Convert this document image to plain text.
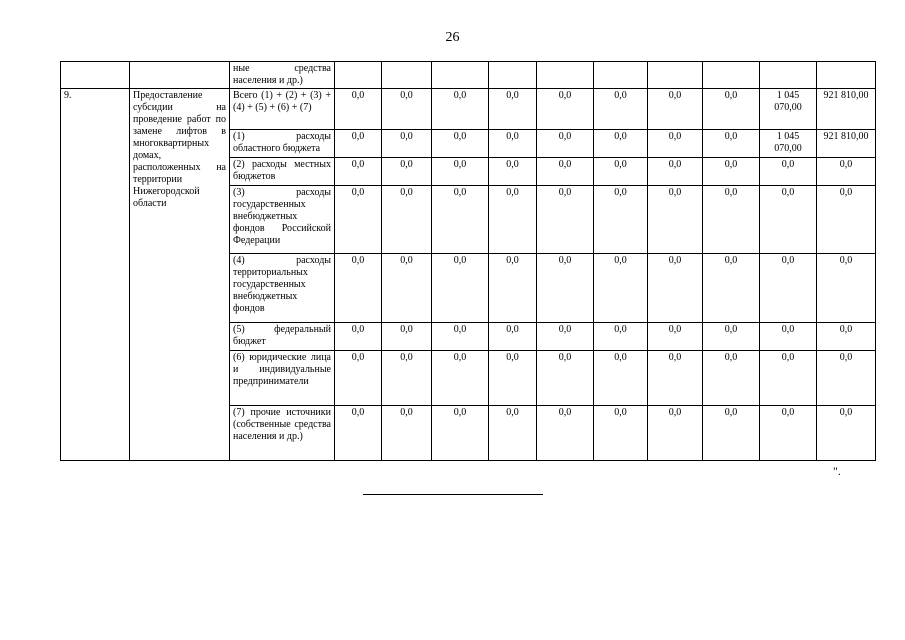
26
		ные средства населения и др.)										
9.	Предоставление субсидии на проведение работ по замене лифтов в многоквартирных домах, расположенных на территории Нижегородской области	Всего (1) + (2) + (3) + (4) + (5) + (6) + (7)	0,0	0,0	0,0	0,0	0,0	0,0	0,0	0,0	1 045 070,00	921 810,00
		(1) расходы областного бюджета	0,0	0,0	0,0	0,0	0,0	0,0	0,0	0,0	1 045 070,00	921 810,00
		(2) расходы местных бюджетов	0,0	0,0	0,0	0,0	0,0	0,0	0,0	0,0	0,0	0,0
		(3) расходы государственных внебюджетных фондов Российской Федерации	0,0	0,0	0,0	0,0	0,0	0,0	0,0	0,0	0,0	0,0
		(4) расходы территориальных государственных внебюджетных фондов	0,0	0,0	0,0	0,0	0,0	0,0	0,0	0,0	0,0	0,0
		(5) федеральный бюджет	0,0	0,0	0,0	0,0	0,0	0,0	0,0	0,0	0,0	0,0
		(6) юридические лица и индивидуальные предприниматели	0,0	0,0	0,0	0,0	0,0	0,0	0,0	0,0	0,0	0,0
		(7) прочие источники (собственные средства населения и др.)	0,0	0,0	0,0	0,0	0,0	0,0	0,0	0,0	0,0	0,0
".
